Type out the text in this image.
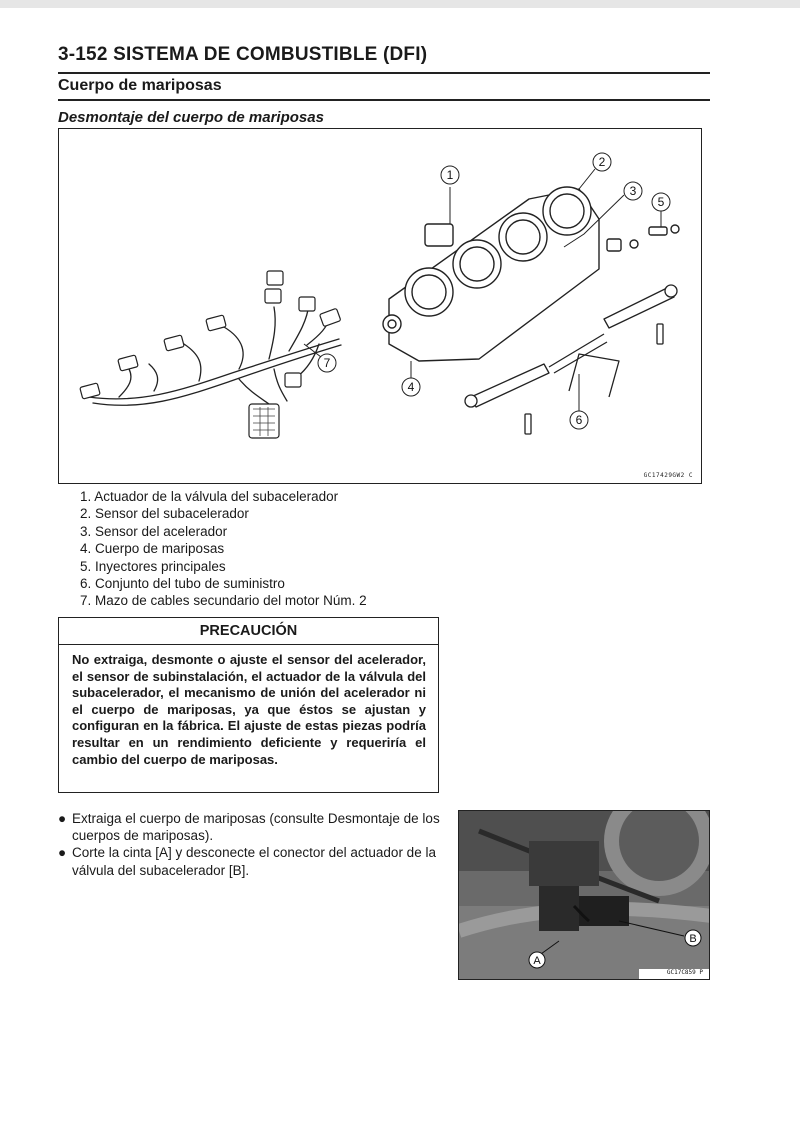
3-152 SISTEMA DE COMBUSTIBLE (DFI)
Cuerpo de mariposas
Desmontaje del cuerpo de mariposas
1
2
3
5
4
6
7
GC17429GW2 C
1. Actuador de la válvula del subacelerador
2. Sensor del subacelerador
3. Sensor del acelerador
4. Cuerpo de mariposas
5. Inyectores principales
6. Conjunto del tubo de suministro
7. Mazo de cables secundario del motor Núm. 2
PRECAUCIÓN
No extraiga, desmonte o ajuste el sensor del acelerador, el sensor de subinstalación, el actuador de la válvula del subacelerador, el mecanismo de unión del acelerador ni el cuerpo de mariposas, ya que éstos se ajustan y configuran en la fábrica. El ajuste de estas piezas podría resultar en un rendimiento deficiente y requeriría el cambio del cuerpo de mariposas.
● Extraiga el cuerpo de mariposas (consulte Desmontaje de los cuerpos de mariposas).
● Corte la cinta [A] y desconecte el conector del actuador de la válvula del subacelerador [B].
A
B
GC17C859 P
